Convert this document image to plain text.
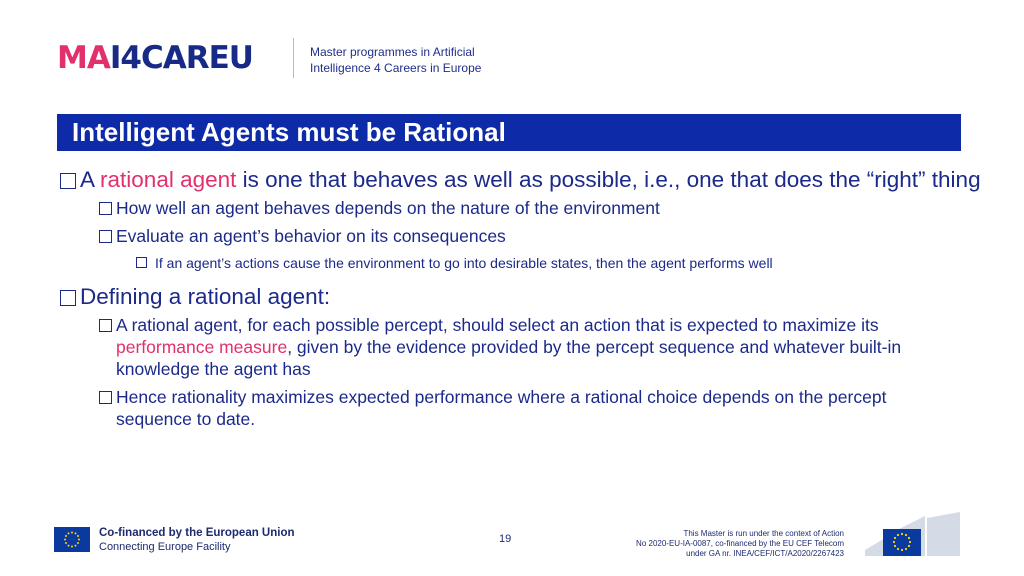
MAI4CAREU	Master programmes in Artificial
Intelligence 4 Careers in Europe
Intelligent Agents must be Rational
A rational agent is one that behaves as well as possible, i.e., one that does the “right” thing
How well an agent behaves depends on the nature of the environment
Evaluate an agent’s behavior on its consequences
If an agent’s actions cause the environment to go into desirable states, then the agent performs well
Defining a rational agent:
A rational agent, for each possible percept, should select an action that is expected to maximize its performance measure, given by the evidence provided by the percept sequence and whatever built-in knowledge the agent has
Hence rationality maximizes expected performance where a rational choice depends on the percept sequence to date.
Co-financed by the European Union
Connecting Europe Facility
19	This Master is run under the context of Action
No 2020-EU-IA-0087, co-financed by the EU CEF Telecom
under GA nr. INEA/CEF/ICT/A2020/2267423
